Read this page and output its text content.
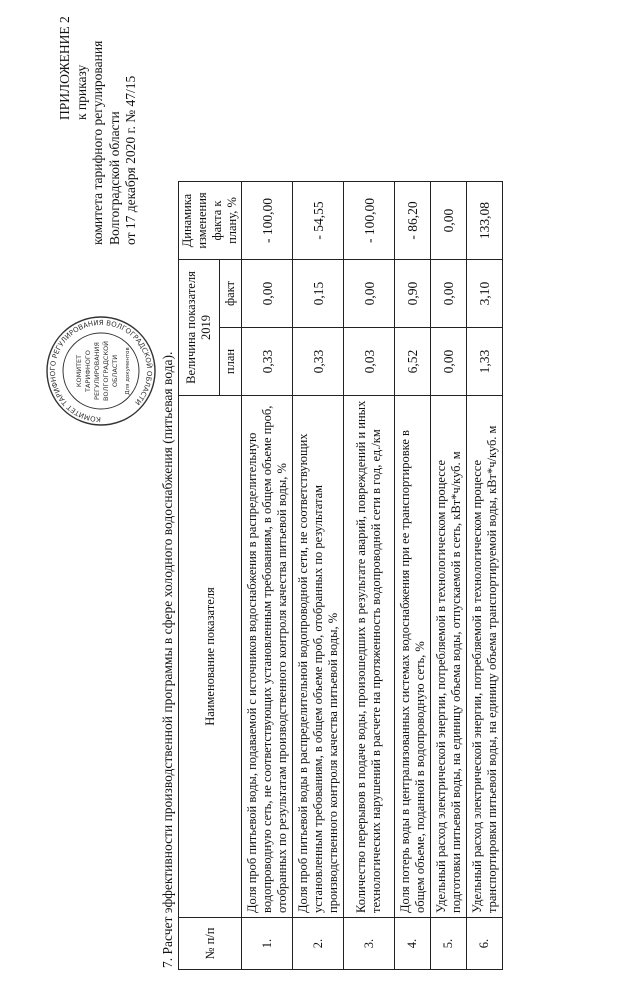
ПРИЛОЖЕНИЕ 2 к приказу комитета тарифного регулирования Волгоградской области от 17 декабря 2020 г. № 47/15
КОМИТЕТ ТАРИФНОГО РЕГУЛИРОВАНИЯ ВОЛГОГРАДСКОЙ ОБЛАСТИ
КОМИТЕТ ТАРИФНОГО РЕГУЛИРОВАНИЯ ВОЛГОГРАДСКОЙ ОБЛАСТИ Для документов 7. Расчет эффективности производственной программы в сфере холодного водоснабжения (питьевая вода). № п/п	Наименование показателя	Величина показателя 2019		Динамика изменения факта к плану, %
		план	факт	
1.	Доля проб питьевой воды, подаваемой с источников водоснабжения в распределительную водопроводную сеть, не соответствующих установленным требованиям, в общем объеме проб, отобранных по результатам производственного контроля качества питьевой воды, %	0,33	0,00	- 100,00
2.	Доля проб питьевой воды в распределительной водопроводной сети, не соответствующих установленным требованиям, в общем объеме проб, отобранных по результатам производственного контроля качества питьевой воды, %	0,33	0,15	- 54,55
3.	Количество перерывов в подаче воды, произошедших в результате аварий, повреждений и иных технологических нарушений в расчете на протяженность водопроводной сети в год, ед./км	0,03	0,00	- 100,00
4.	Доля потерь воды в централизованных системах водоснабжения при ее транспортировке в общем объеме, поданной в водопроводную сеть, %	6,52	0,90	- 86,20
5.	Удельный расход электрической энергии, потребляемой в технологическом процессе подготовки питьевой воды, на единицу объема воды, отпускаемой в сеть, кВт*ч/куб. м	0,00	0,00	0,00
6.	Удельный расход электрической энергии, потребляемой в технологическом процессе транспортировки питьевой воды, на единицу объема транспортируемой воды, кВт*ч/куб. м	1,33	3,10	133,08
